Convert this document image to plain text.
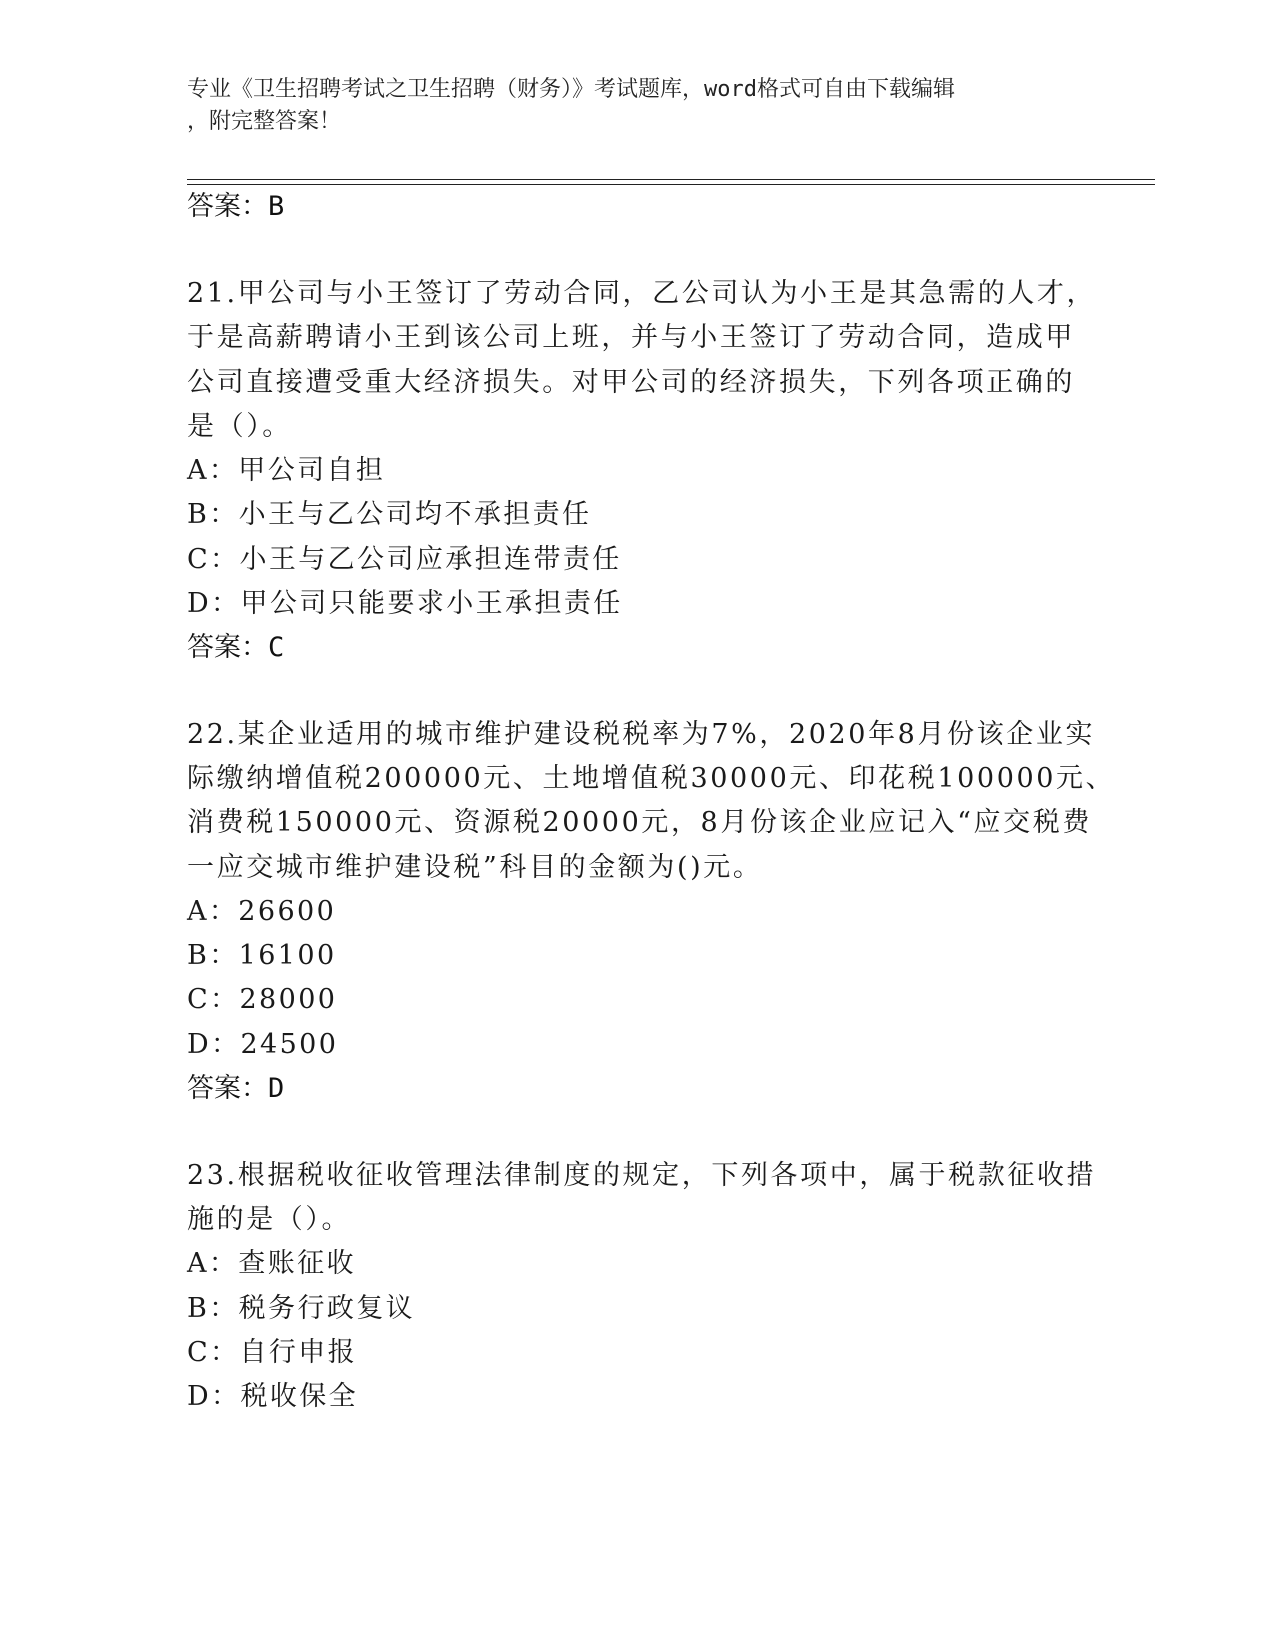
专业《卫生招聘考试之卫生招聘（财务）》考试题库，word格式可自由下载编辑
，附完整答案！
答案：B
21.甲公司与小王签订了劳动合同，乙公司认为小王是其急需的人才，
于是高薪聘请小王到该公司上班，并与小王签订了劳动合同，造成甲
公司直接遭受重大经济损失。对甲公司的经济损失，下列各项正确的
是（）。
A：甲公司自担
B：小王与乙公司均不承担责任
C：小王与乙公司应承担连带责任
D：甲公司只能要求小王承担责任
答案：C
22.某企业适用的城市维护建设税税率为7%，2020年8月份该企业实
际缴纳增值税200000元、土地增值税30000元、印花税100000元、
消费税150000元、资源税20000元，8月份该企业应记入“应交税费
一应交城市维护建设税”科目的金额为()元。
A：26600
B：16100
C：28000
D：24500
答案：D
23.根据税收征收管理法律制度的规定，下列各项中，属于税款征收措
施的是（）。
A：查账征收
B：税务行政复议
C：自行申报
D：税收保全
